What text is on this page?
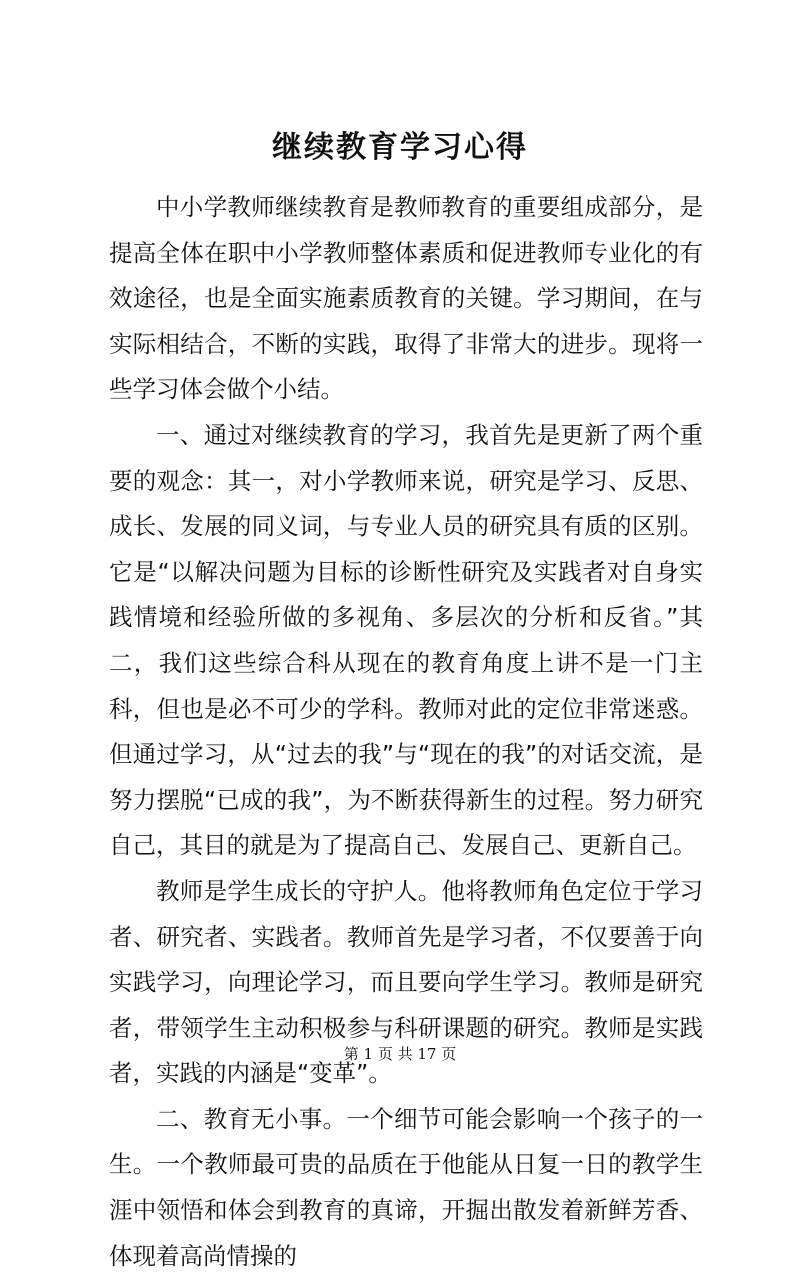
继续教育学习心得

中小学教师继续教育是教师教育的重要组成部分，是提高全体在职中小学教师整体素质和促进教师专业化的有效途径，也是全面实施素质教育的关键。学习期间，在与实际相结合，不断的实践，取得了非常大的进步。现将一些学习体会做个小结。

一、通过对继续教育的学习，我首先是更新了两个重要的观念：其一，对小学教师来说，研究是学习、反思、成长、发展的同义词，与专业人员的研究具有质的区别。它是“以解决问题为目标的诊断性研究及实践者对自身实践情境和经验所做的多视角、多层次的分析和反省。”其二，我们这些综合科从现在的教育角度上讲不是一门主科，但也是必不可少的学科。教师对此的定位非常迷惑。但通过学习，从“过去的我”与“现在的我”的对话交流，是努力摆脱“已成的我”，为不断获得新生的过程。努力研究自己，其目的就是为了提高自己、发展自己、更新自己。

教师是学生成长的守护人。他将教师角色定位于学习者、研究者、实践者。教师首先是学习者，不仅要善于向实践学习，向理论学习，而且要向学生学习。教师是研究者，带领学生主动积极参与科研课题的研究。教师是实践者，实践的内涵是“变革”。

二、教育无小事。一个细节可能会影响一个孩子的一生。一个教师最可贵的品质在于他能从日复一日的教学生涯中领悟和体会到教育的真谛，开掘出散发着新鲜芳香、体现着高尚情操的

第 1 页 共 17 页
